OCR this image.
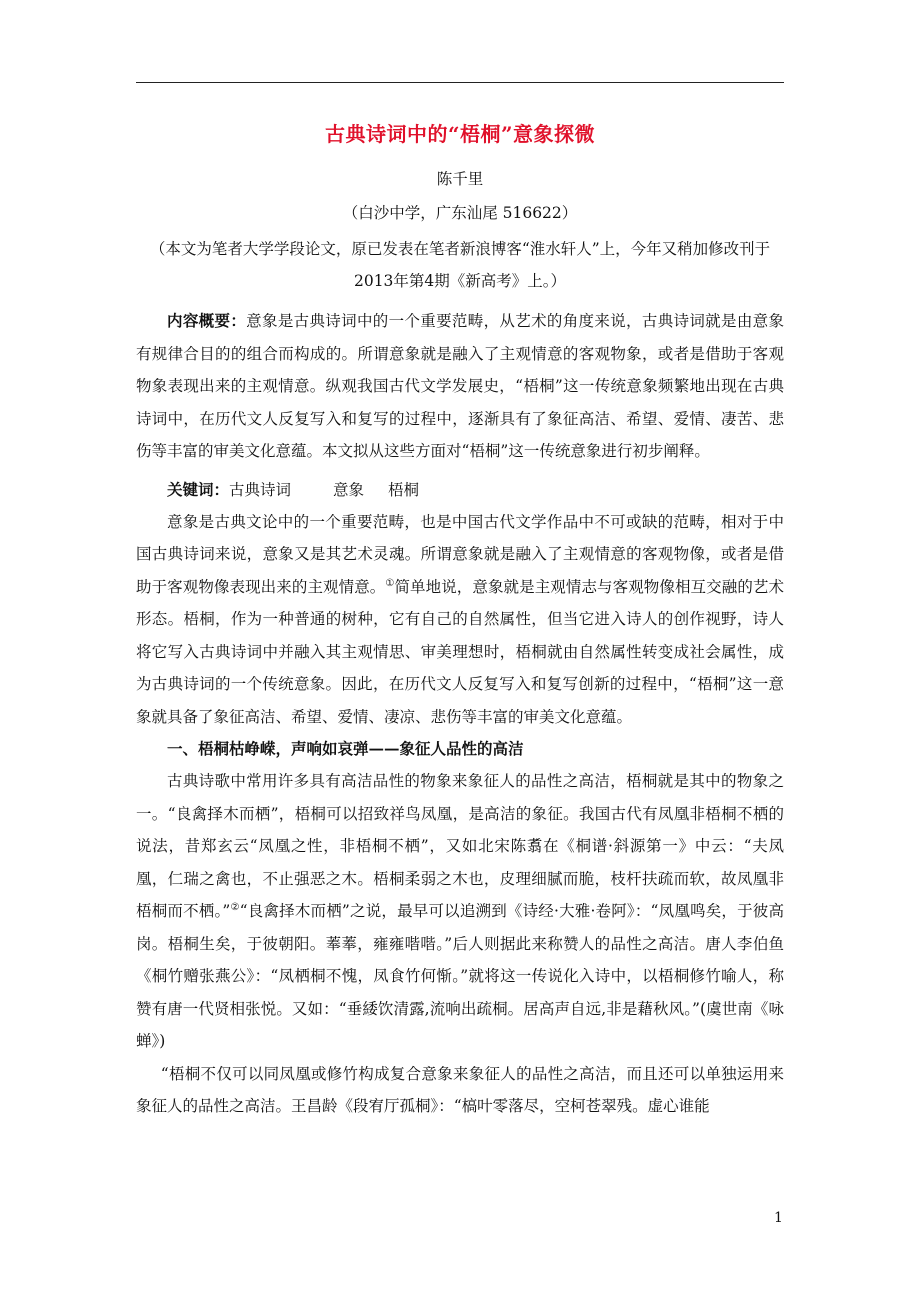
古典诗词中的“梧桐”意象探微
陈千里
（白沙中学，广东汕尾 516622）
（本文为笔者大学学段论文，原已发表在笔者新浪博客“淮水轩人”上，今年又稍加修改刊于2013年第4期《新高考》上。）

内容概要：意象是古典诗词中的一个重要范畴，从艺术的角度来说，古典诗词就是由意象有规律合目的的组合而构成的。所谓意象就是融入了主观情意的客观物象，或者是借助于客观物象表现出来的主观情意。纵观我国古代文学发展史，“梧桐”这一传统意象频繁地出现在古典诗词中，在历代文人反复写入和复写的过程中，逐渐具有了象征高洁、希望、爱情、凄苦、悲伤等丰富的审美文化意蕴。本文拟从这些方面对“梧桐”这一传统意象进行初步阐释。

关键词：古典诗词	意象 梧桐

意象是古典文论中的一个重要范畴，也是中国古代文学作品中不可或缺的范畴，相对于中国古典诗词来说，意象又是其艺术灵魂。所谓意象就是融入了主观情意的客观物像，或者是借助于客观物像表现出来的主观情意。①简单地说，意象就是主观情志与客观物像相互交融的艺术形态。梧桐，作为一种普通的树种，它有自己的自然属性，但当它进入诗人的创作视野，诗人将它写入古典诗词中并融入其主观情思、审美理想时，梧桐就由自然属性转变成社会属性，成为古典诗词的一个传统意象。因此，在历代文人反复写入和复写创新的过程中，“梧桐”这一意象就具备了象征高洁、希望、爱情、凄凉、悲伤等丰富的审美文化意蕴。

一、梧桐枯峥嵘，声响如哀弹——象征人品性的高洁

古典诗歌中常用许多具有高洁品性的物象来象征人的品性之高洁，梧桐就是其中的物象之一。“良禽择木而栖”，梧桐可以招致祥鸟凤凰，是高洁的象征。我国古代有凤凰非梧桐不栖的说法，昔郑玄云“凤凰之性，非梧桐不栖”，又如北宋陈翥在《桐谱·斜源第一》中云：“夫凤凰，仁瑞之禽也，不止强恶之木。梧桐柔弱之木也，皮理细腻而脆，枝杆扶疏而软，故凤凰非梧桐而不栖。”②“良禽择木而栖”之说，最早可以追溯到《诗经·大雅·卷阿》：“凤凰鸣矣，于彼高岗。梧桐生矣，于彼朝阳。菶菶，雍雍喈喈。”后人则据此来称赞人的品性之高洁。唐人李伯鱼《桐竹赠张燕公》：“凤栖桐不愧，凤食竹何惭。”就将这一传说化入诗中，以梧桐修竹喻人，称赞有唐一代贤相张悦。又如：“垂緌饮清露,流响出疏桐。居高声自远,非是藉秋风。”(虞世南《咏蝉》)

“梧桐不仅可以同凤凰或修竹构成复合意象来象征人的品性之高洁，而且还可以单独运用来象征人的品性之高洁。王昌龄《段宥厅孤桐》：“槁叶零落尽，空柯苍翠残。虚心谁能

1
